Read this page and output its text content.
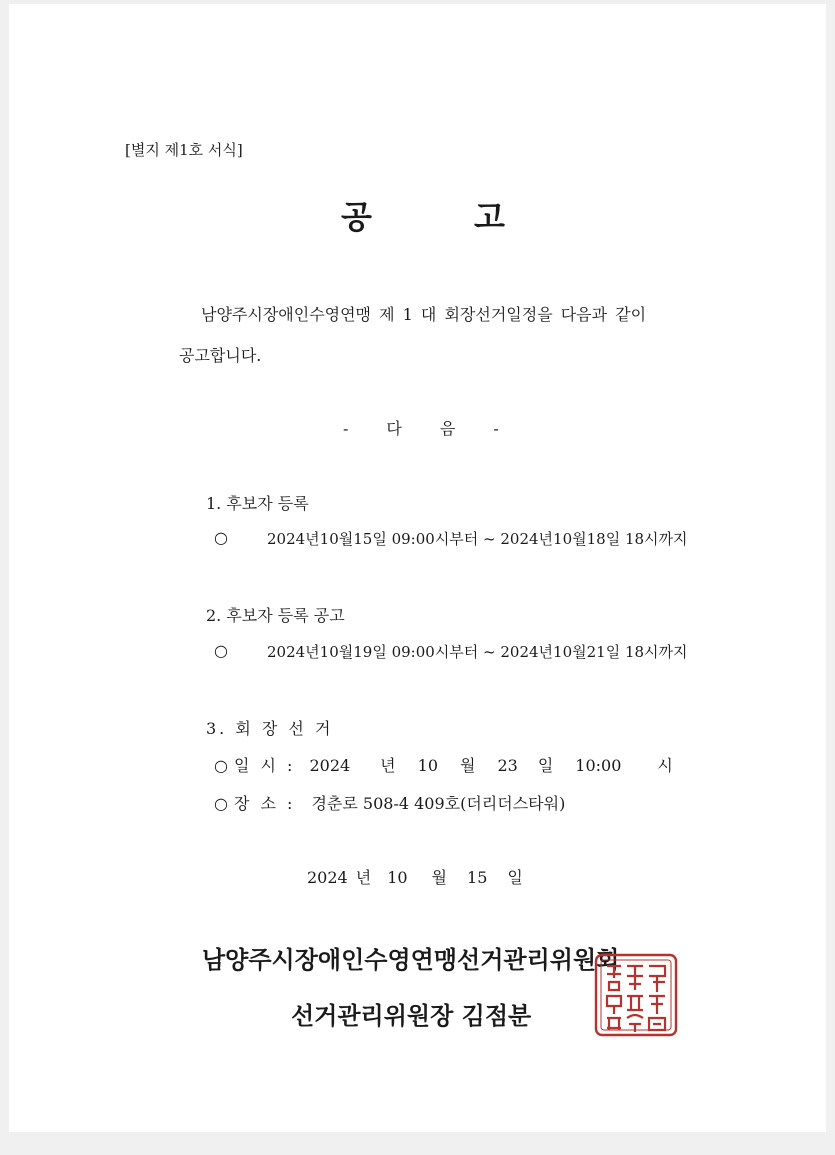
[별지 제1호 서식]
공	고
남양주시장애인수영연맹 제 1 대 회장선거일정을 다음과 같이
공고합니다.
- 다 음 -
1. 후보자 등록
○	2024년10월15일 09:00시부터 ~ 2024년10월18일 18시까지
2. 후보자 등록 공고
○	2024년10월19일 09:00시부터 ~ 2024년10월21일 18시까지
3. 회 장 선 거
○ 일 시 : 2024 년 10 월 23 일 10:00 시
○ 장 소 : 경춘로 508-4 409호(더리더스타워)
2024 년 10 월 15 일
남양주시장애인수영연맹선거관리위원회
선거관리위원장 김점분
